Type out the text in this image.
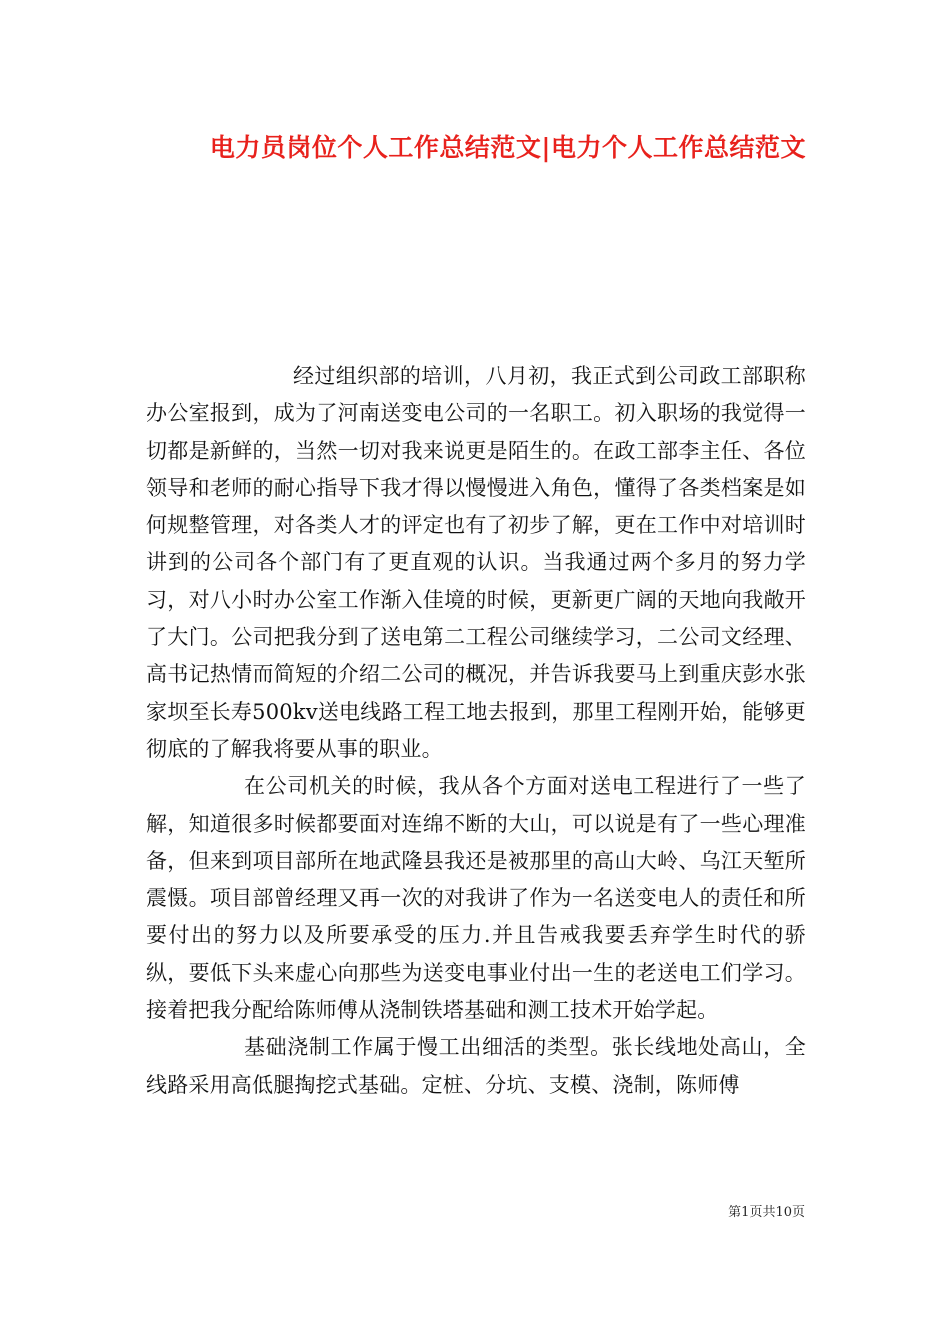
电力员岗位个人工作总结范文|电力个人工作总结范文

经过组织部的培训，八月初，我正式到公司政工部职称办公室报到，成为了河南送变电公司的一名职工。初入职场的我觉得一切都是新鲜的，当然一切对我来说更是陌生的。在政工部李主任、各位领导和老师的耐心指导下我才得以慢慢进入角色，懂得了各类档案是如何规整管理，对各类人才的评定也有了初步了解，更在工作中对培训时讲到的公司各个部门有了更直观的认识。当我通过两个多月的努力学习，对八小时办公室工作渐入佳境的时候，更新更广阔的天地向我敞开了大门。公司把我分到了送电第二工程公司继续学习，二公司文经理、高书记热情而简短的介绍二公司的概况，并告诉我要马上到重庆彭水张家坝至长寿500kv送电线路工程工地去报到，那里工程刚开始，能够更彻底的了解我将要从事的职业。

在公司机关的时候，我从各个方面对送电工程进行了一些了解，知道很多时候都要面对连绵不断的大山，可以说是有了一些心理准备，但来到项目部所在地武隆县我还是被那里的高山大岭、乌江天堑所震慑。项目部曾经理又再一次的对我讲了作为一名送变电人的责任和所要付出的努力以及所要承受的压力.并且告戒我要丢弃学生时代的骄纵，要低下头来虚心向那些为送变电事业付出一生的老送电工们学习。接着把我分配给陈师傅从浇制铁塔基础和测工技术开始学起。

基础浇制工作属于慢工出细活的类型。张长线地处高山，全线路采用高低腿掏挖式基础。定桩、分坑、支模、浇制，陈师傅

第1页共10页
